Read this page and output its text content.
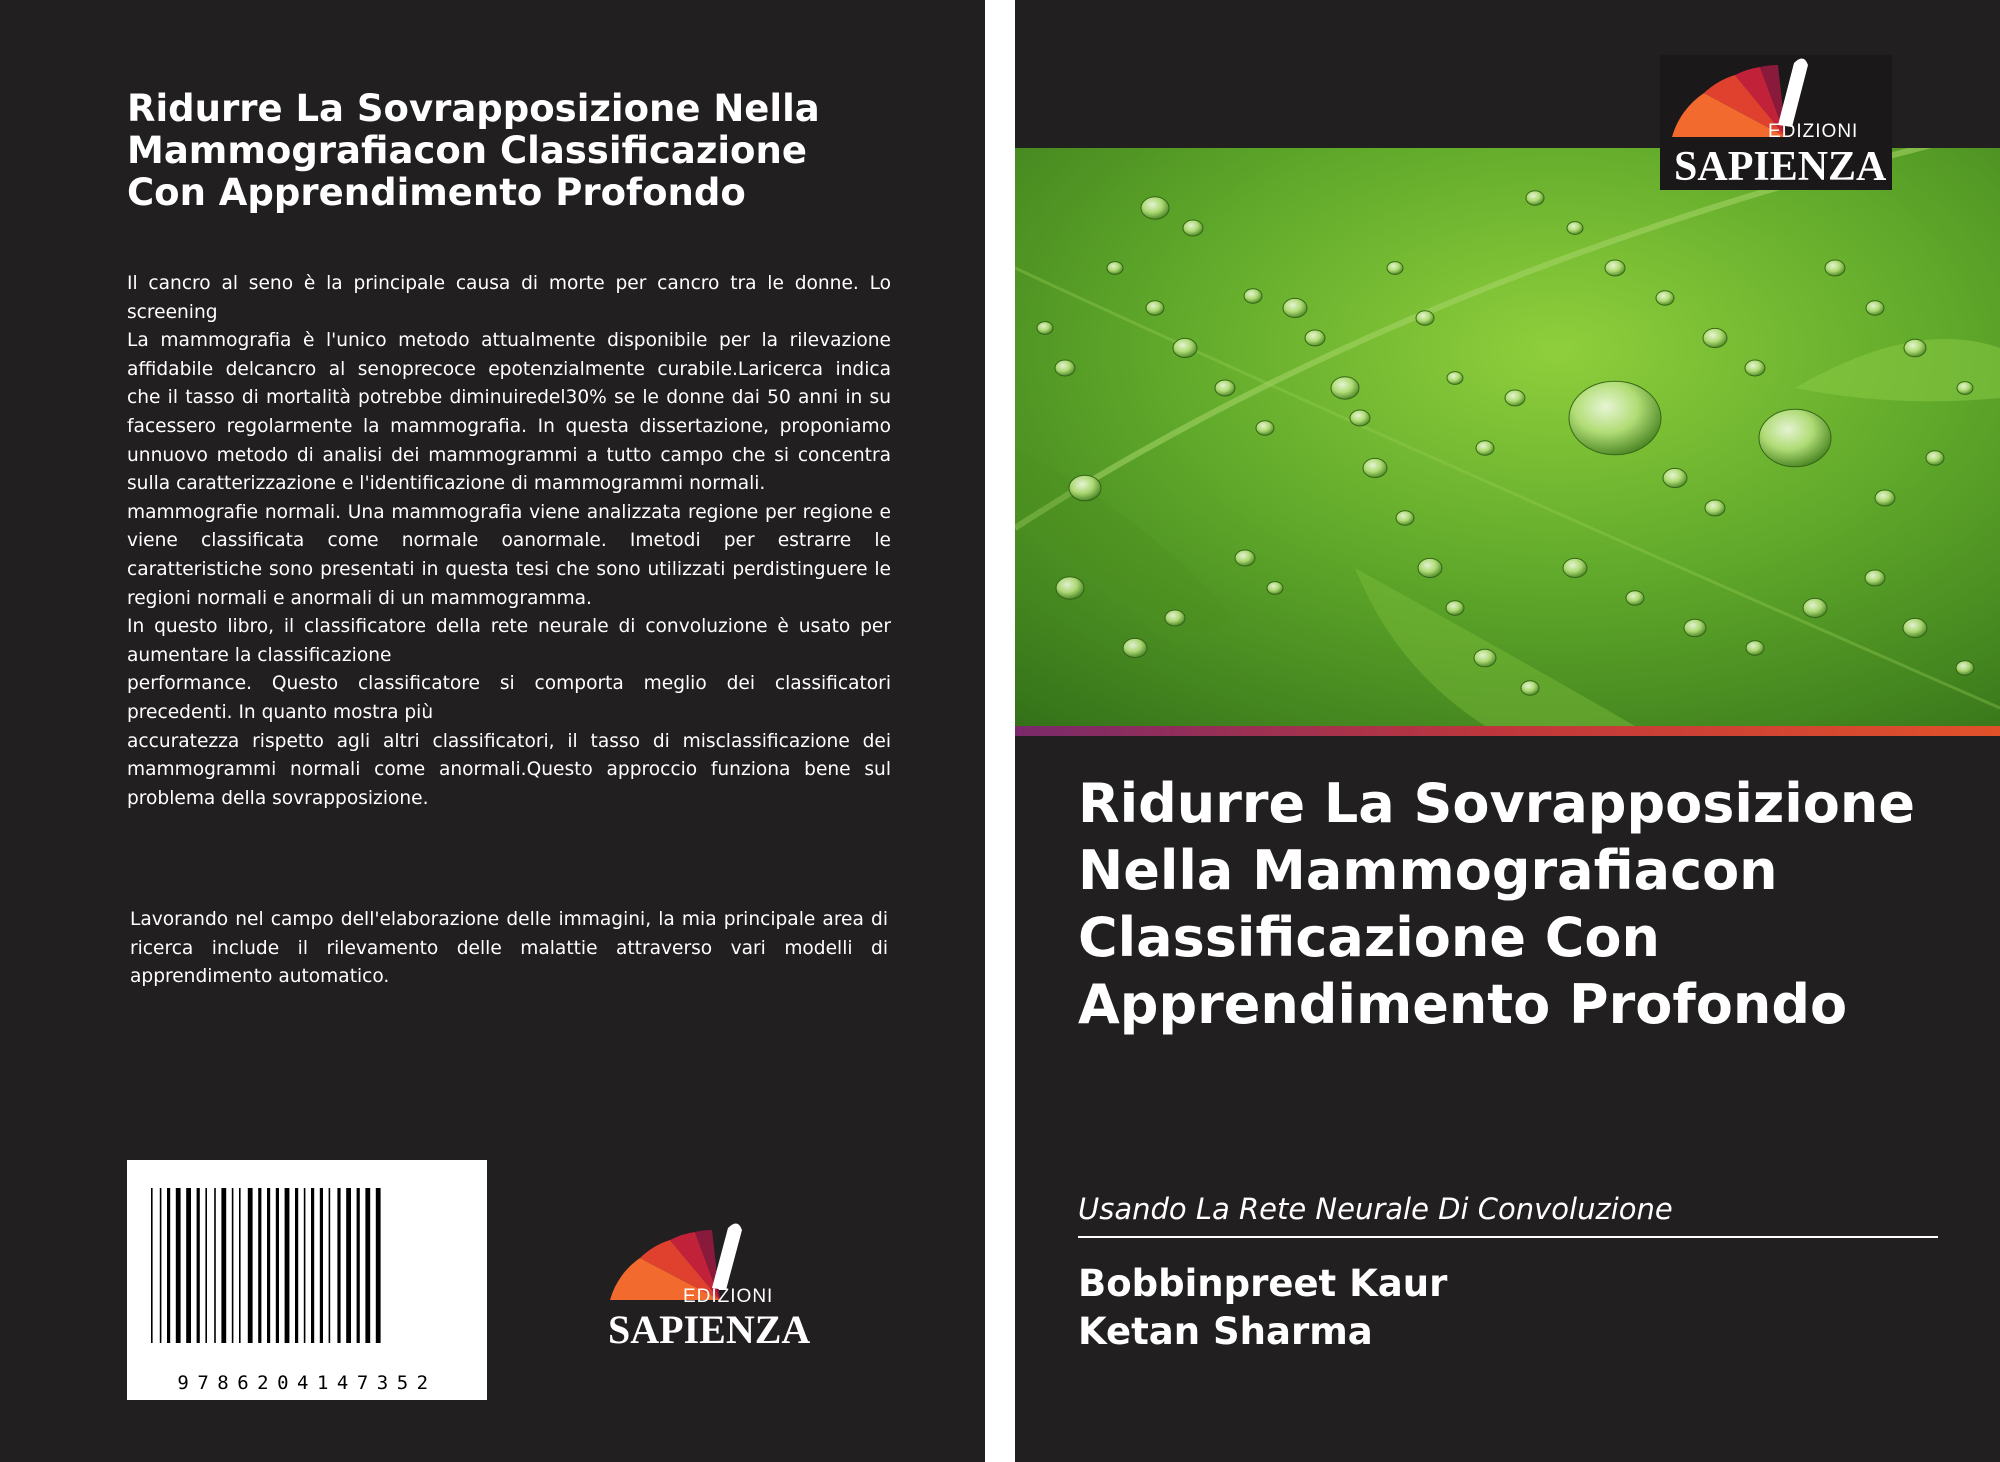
Ridurre La Sovrapposizione Nella Mammografiacon Classificazione Con Apprendimento Profondo

Il cancro al seno è la principale causa di morte per cancro tra le donne. Lo screening

La mammografia è l'unico metodo attualmente disponibile per la rilevazione affidabile delcancro al senoprecoce epotenzialmente curabile.Laricerca indica che il tasso di mortalità potrebbe diminuiredel30% se le donne dai 50 anni in su facessero regolarmente la mammografia. In questa dissertazione, proponiamo unnuovo metodo di analisi dei mammogrammi a tutto campo che si concentra sulla caratterizzazione e l'identificazione di mammogrammi normali.

mammografie normali. Una mammografia viene analizzata regione per regione e viene classificata come normale oanormale. Imetodi per estrarre le caratteristiche sono presentati in questa tesi che sono utilizzati perdistinguere le regioni normali e anormali di un mammogramma.

In questo libro, il classificatore della rete neurale di convoluzione è usato per aumentare la classificazione

performance. Questo classificatore si comporta meglio dei classificatori precedenti. In quanto mostra più

accuratezza rispetto agli altri classificatori, il tasso di misclassificazione dei mammogrammi normali come anormali.Questo approccio funziona bene sul problema della sovrapposizione.

Lavorando nel campo dell'elaborazione delle immagini, la mia principale area di ricerca include il rilevamento delle malattie attraverso vari modelli di apprendimento automatico.

9786204147352
EDIZIONI
SAPIENZA
EDIZIONI
SAPIENZA
Ridurre La Sovrapposizione Nella Mammografiacon Classificazione Con Apprendimento Profondo
Usando La Rete Neurale Di Convoluzione
Bobbinpreet Kaur
Ketan Sharma
